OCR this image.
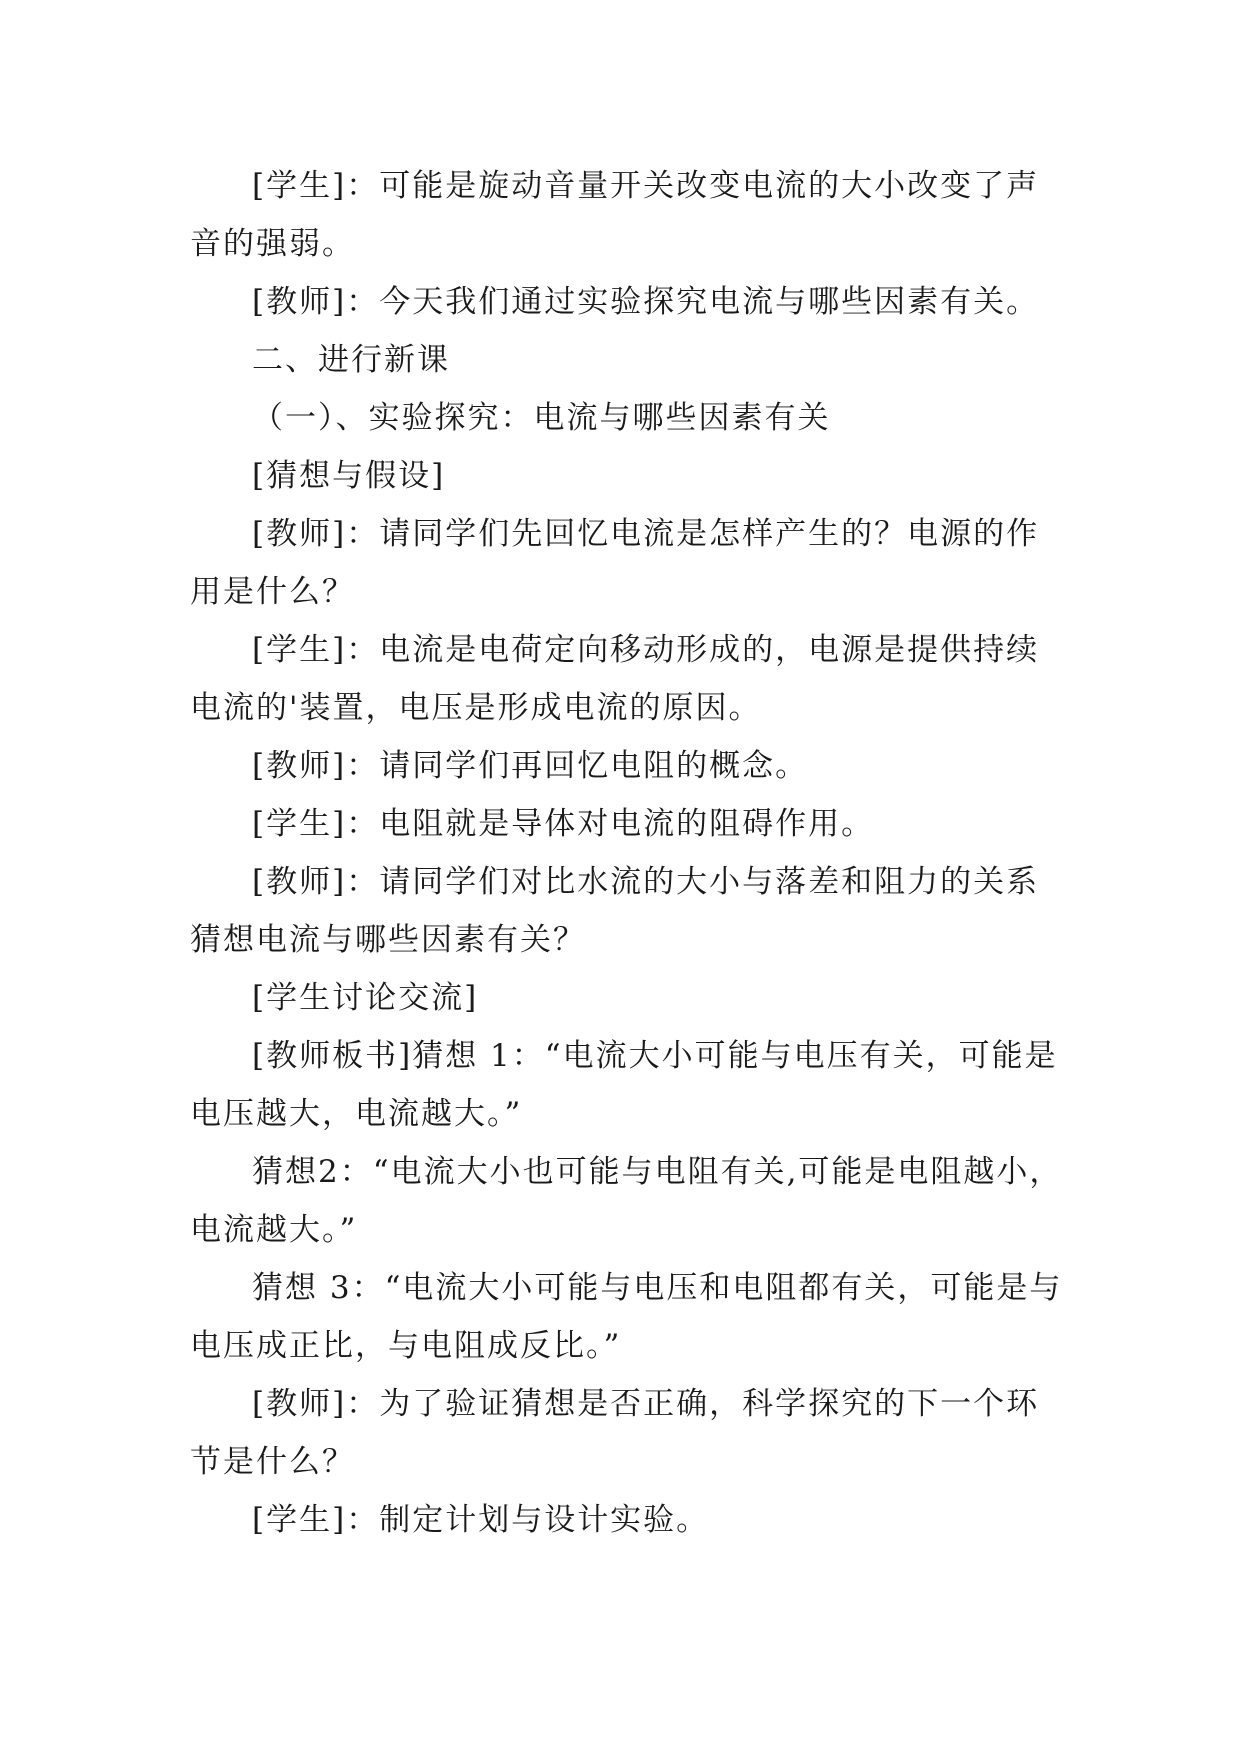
[学生]：可能是旋动音量开关改变电流的大小改变了声
音的强弱。

[教师]：今天我们通过实验探究电流与哪些因素有关。

二、进行新课

（一）、实验探究：电流与哪些因素有关

[猜想与假设]

[教师]：请同学们先回忆电流是怎样产生的？电源的作
用是什么？

[学生]：电流是电荷定向移动形成的，电源是提供持续
电流的'装置，电压是形成电流的原因。

[教师]：请同学们再回忆电阻的概念。

[学生]：电阻就是导体对电流的阻碍作用。

[教师]：请同学们对比水流的大小与落差和阻力的关系
猜想电流与哪些因素有关？

[学生讨论交流]

[教师板书]猜想 1：“电流大小可能与电压有关，可能是
电压越大，电流越大。”

猜想2：“电流大小也可能与电阻有关,可能是电阻越小，
电流越大。”

猜想 3：“电流大小可能与电压和电阻都有关，可能是与
电压成正比，与电阻成反比。”

[教师]：为了验证猜想是否正确，科学探究的下一个环
节是什么？

[学生]：制定计划与设计实验。
